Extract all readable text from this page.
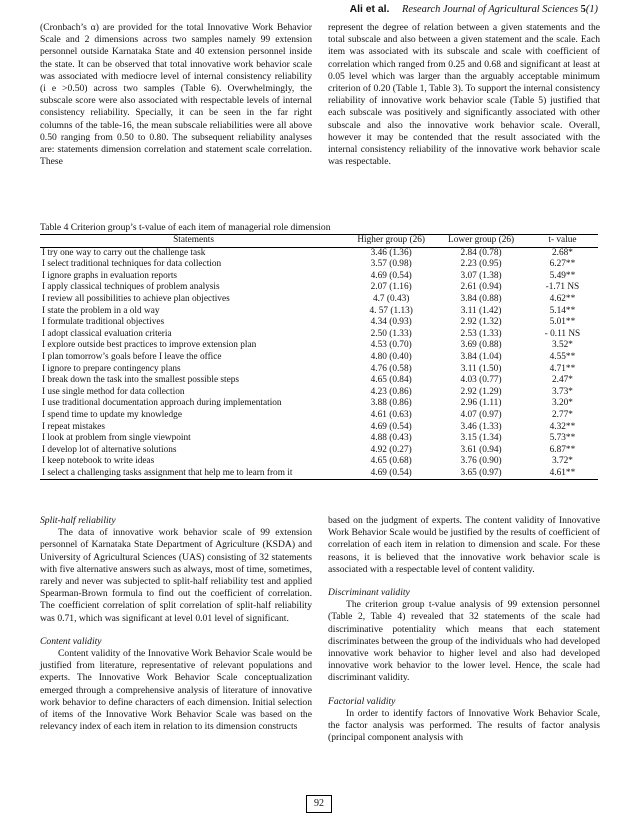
Ali et al. Research Journal of Agricultural Sciences 5(1)

(Cronbach’s α) are provided for the total Innovative Work Behavior Scale and 2 dimensions across two samples namely 99 extension personnel outside Karnataka State and 40 extension personnel inside the state. It can be observed that total innovative work behavior scale was associated with mediocre level of internal consistency reliability (i e >0.50) across two samples (Table 6). Overwhelmingly, the subscale score were also associated with respectable levels of internal consistency reliability. Specially, it can be seen in the far right columns of the table-16, the mean subscale reliabilities were all above 0.50 ranging from 0.50 to 0.80. The subsequent reliability analyses are: statements dimension correlation and statement scale correlation. These

represent the degree of relation between a given statements and the total subscale and also between a given statement and the scale. Each item was associated with its subscale and scale with coefficient of correlation which ranged from 0.25 and 0.68 and significant at least at 0.05 level which was larger than the arguably acceptable minimum criterion of 0.20 (Table 1, Table 3). To support the internal consistency reliability of innovative work behavior scale (Table 5) justified that each subscale was positively and significantly associated with other subscale and also the innovative work behavior scale. Overall, however it may be contended that the result associated with the internal consistency reliability of the innovative work behavior scale was respectable.

Table 4 Criterion group’s t-value of each item of managerial role dimension
Statements	Higher group (26)	Lower group (26)	t- value
I try one way to carry out the challenge task	3.46 (1.36)	2.84 (0.78)	2.68*
I select traditional techniques for data collection	3.57 (0.98)	2.23 (0.95)	6.27**
I ignore graphs in evaluation reports	4.69 (0.54)	3.07 (1.38)	5.49**
I apply classical techniques of problem analysis	2.07 (1.16)	2.61 (0.94)	-1.71 NS
I review all possibilities to achieve plan objectives	4.7 (0.43)	3.84 (0.88)	4.62**
I state the problem in a old way	4. 57 (1.13)	3.11 (1.42)	5.14**
I formulate traditional objectives	4.34 (0.93)	2.92 (1.32)	5.01**
I adopt classical evaluation criteria	2.50 (1.33)	2.53 (1.33)	- 0.11 NS
I explore outside best practices to improve extension plan	4.53 (0.70)	3.69 (0.88)	3.52*
I plan tomorrow’s goals before I leave the office	4.80 (0.40)	3.84 (1.04)	4.55**
I ignore to prepare contingency plans	4.76 (0.58)	3.11 (1.50)	4.71**
I break down the task into the smallest possible steps	4.65 (0.84)	4.03 (0.77)	2.47*
I use single method for data collection	4.23 (0.86)	2.92 (1.29)	3.73*
I use traditional documentation approach during implementation	3.88 (0.86)	2.96 (1.11)	3.20*
I spend time to update my knowledge	4.61 (0.63)	4.07 (0.97)	2.77*
I repeat mistakes	4.69 (0.54)	3.46 (1.33)	4.32**
I look at problem from single viewpoint	4.88 (0.43)	3.15 (1.34)	5.73**
I develop lot of alternative solutions	4.92 (0.27)	3.61 (0.94)	6.87**
I keep notebook to write ideas	4.65 (0.68)	3.76 (0.90)	3.72*
I select a challenging tasks assignment that help me to learn from it	4.69 (0.54)	3.65 (0.97)	4.61**

Split-half reliability

The data of innovative work behavior scale of 99 extension personnel of Karnataka State Department of Agriculture (KSDA) and University of Agricultural Sciences (UAS) consisting of 32 statements with five alternative answers such as always, most of time, sometimes, rarely and never was subjected to split-half reliability test and applied Spearman-Brown formula to find out the coefficient of correlation. The coefficient correlation of split correlation of split-half reliability was 0.71, which was significant at level 0.01 level of significant.

Content validity

Content validity of the Innovative Work Behavior Scale would be justified from literature, representative of relevant populations and experts. The Innovative Work Behavior Scale conceptualization emerged through a comprehensive analysis of literature of innovative work behavior to define characters of each dimension. Initial selection of items of the Innovative Work Behavior Scale was based on the relevancy index of each item in relation to its dimension constructs

based on the judgment of experts. The content validity of Innovative Work Behavior Scale would be justified by the results of coefficient of correlation of each item in relation to dimension and scale. For these reasons, it is believed that the innovative work behavior scale is associated with a respectable level of content validity.

Discriminant validity

The criterion group t-value analysis of 99 extension personnel (Table 2, Table 4) revealed that 32 statements of the scale had discriminative potentiality which means that each statement discriminates between the group of the individuals who had developed innovative work behavior to higher level and also had developed innovative work behavior to the lower level. Hence, the scale had discriminant validity.

Factorial validity

In order to identify factors of Innovative Work Behavior Scale, the factor analysis was performed. The results of factor analysis (principal component analysis with

92
